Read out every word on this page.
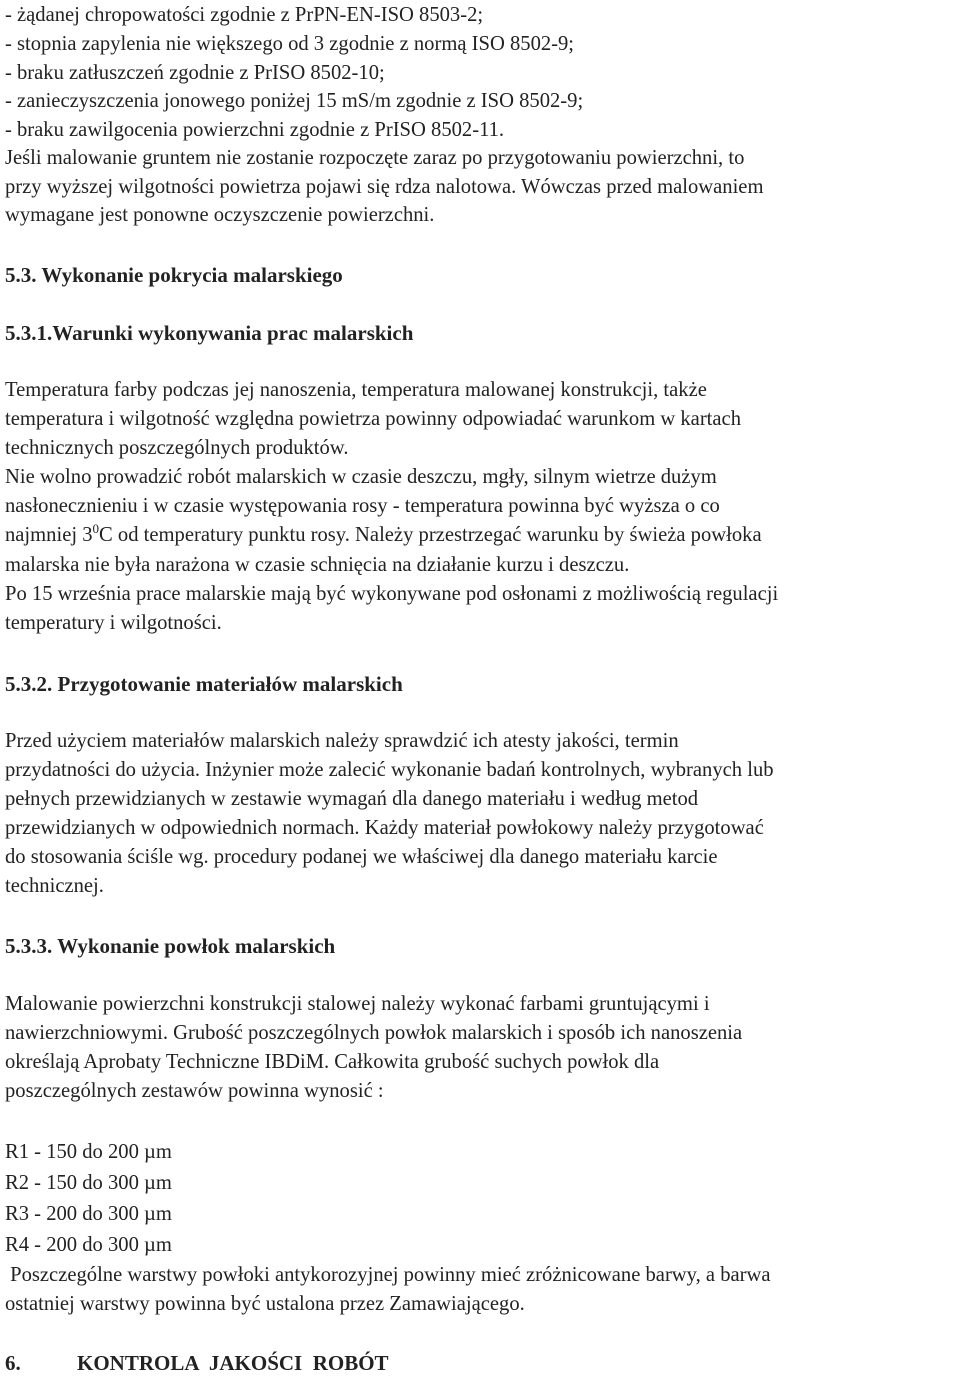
- żądanej chropowatości zgodnie z PrPN-EN-ISO 8503-2;

- stopnia zapylenia nie większego od 3 zgodnie z normą ISO 8502-9;

- braku zatłuszczeń zgodnie z PrISO 8502-10;

- zanieczyszczenia jonowego poniżej 15 mS/m zgodnie z ISO 8502-9;

- braku zawilgocenia powierzchni zgodnie z PrISO 8502-11.

Jeśli malowanie gruntem nie zostanie rozpoczęte zaraz po przygotowaniu powierzchni, to

przy wyższej wilgotności powietrza pojawi się rdza nalotowa. Wówczas przed malowaniem

wymagane jest ponowne oczyszczenie powierzchni.

5.3. Wykonanie pokrycia malarskiego

5.3.1.Warunki wykonywania prac malarskich

Temperatura farby podczas jej nanoszenia, temperatura malowanej konstrukcji, także

temperatura i wilgotność względna powietrza powinny odpowiadać warunkom w kartach

technicznych poszczególnych produktów.

Nie wolno prowadzić robót malarskich w czasie deszczu, mgły, silnym wietrze dużym

nasłonecznieniu i w czasie występowania rosy - temperatura powinna być wyższa o co

najmniej $3^0C$ od temperatury punktu rosy. Należy przestrzegać warunku by świeża powłoka

malarska nie była narażona w czasie schnięcia na działanie kurzu i deszczu.

Po 15 września prace malarskie mają być wykonywane pod osłonami z możliwością regulacji

temperatury i wilgotności.

5.3.2. Przygotowanie materiałów malarskich

Przed użyciem materiałów malarskich należy sprawdzić ich atesty jakości, termin

przydatności do użycia. Inżynier może zalecić wykonanie badań kontrolnych, wybranych lub

pełnych przewidzianych w zestawie wymagań dla danego materiału i według metod

przewidzianych w odpowiednich normach. Każdy materiał powłokowy należy przygotować

do stosowania ściśle wg. procedury podanej we właściwej dla danego materiału karcie

technicznej.

5.3.3. Wykonanie powłok malarskich

Malowanie powierzchni konstrukcji stalowej należy wykonać farbami gruntującymi i

nawierzchniowymi. Grubość poszczególnych powłok malarskich i sposób ich nanoszenia

określają Aprobaty Techniczne IBDiM. Całkowita grubość suchych powłok dla

poszczególnych zestawów powinna wynosić :

R1 - 150 do 200 µm

R2 - 150 do 300 µm

R3 - 200 do 300 µm

R4 - 200 do 300 µm

Poszczególne warstwy powłoki antykorozyjnej powinny mieć zróżnicowane barwy, a barwa

ostatniej warstwy powinna być ustalona przez Zamawiającego.

6.	KONTROLA  JAKOŚCI  ROBÓT
